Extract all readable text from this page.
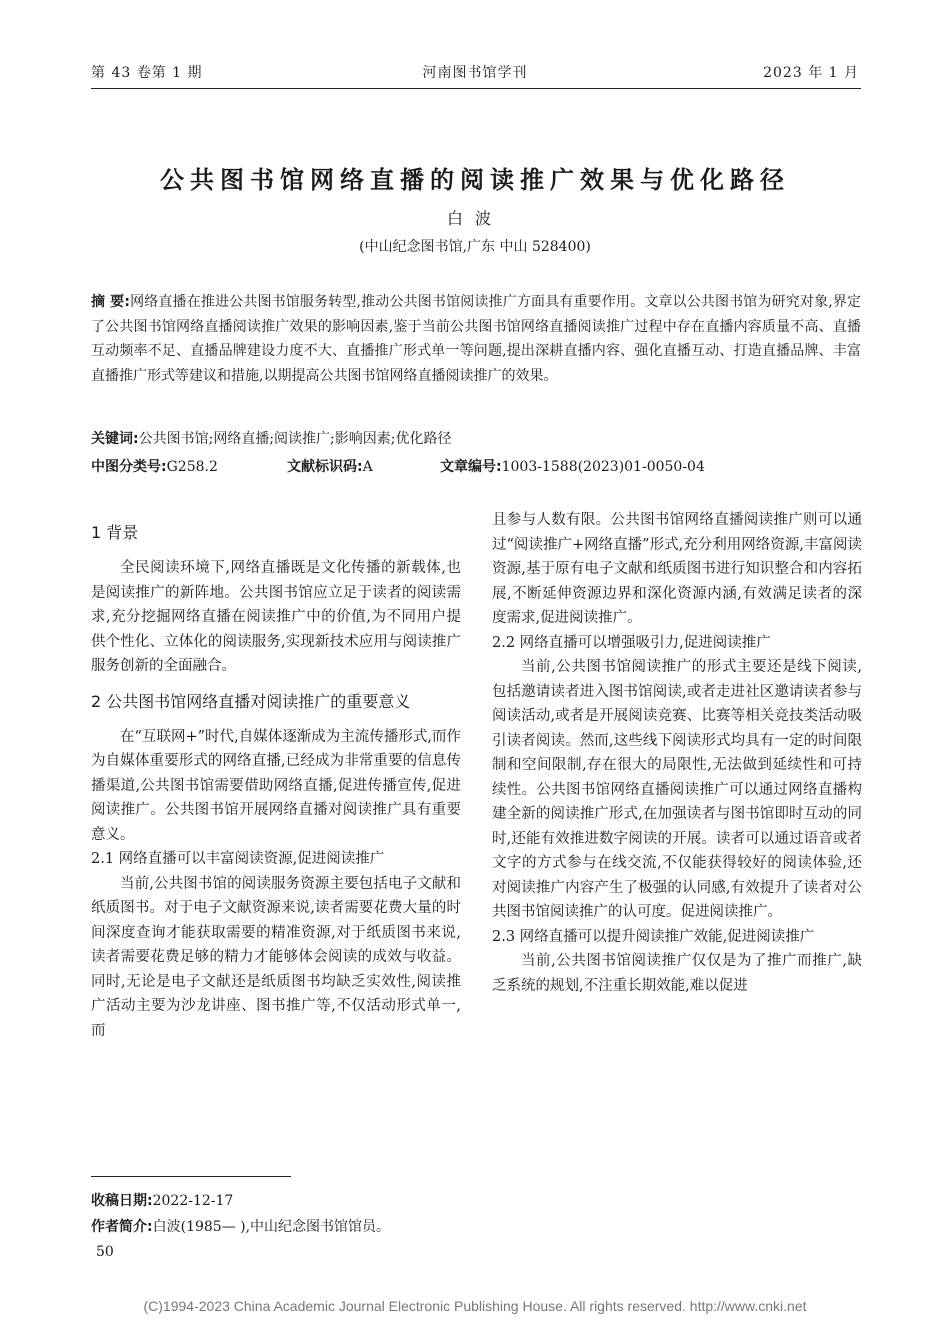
第 43 卷第 1 期	河南图书馆学刊	2023 年 1 月
公共图书馆网络直播的阅读推广效果与优化路径
白波
(中山纪念图书馆,广东 中山 528400)
摘 要:网络直播在推进公共图书馆服务转型,推动公共图书馆阅读推广方面具有重要作用。文章以公共图书馆为研究对象,界定了公共图书馆网络直播阅读推广效果的影响因素,鉴于当前公共图书馆网络直播阅读推广过程中存在直播内容质量不高、直播互动频率不足、直播品牌建设力度不大、直播推广形式单一等问题,提出深耕直播内容、强化直播互动、打造直播品牌、丰富直播推广形式等建议和措施,以期提高公共图书馆网络直播阅读推广的效果。
关键词:公共图书馆;网络直播;阅读推广;影响因素;优化路径
中图分类号:G258.2	文献标识码:A	文章编号:1003-1588(2023)01-0050-04
1 背景
全民阅读环境下,网络直播既是文化传播的新载体,也是阅读推广的新阵地。公共图书馆应立足于读者的阅读需求,充分挖掘网络直播在阅读推广中的价值,为不同用户提供个性化、立体化的阅读服务,实现新技术应用与阅读推广服务创新的全面融合。
2 公共图书馆网络直播对阅读推广的重要意义
在“互联网+”时代,自媒体逐渐成为主流传播形式,而作为自媒体重要形式的网络直播,已经成为非常重要的信息传播渠道,公共图书馆需要借助网络直播,促进传播宣传,促进阅读推广。公共图书馆开展网络直播对阅读推广具有重要意义。
2.1 网络直播可以丰富阅读资源,促进阅读推广
当前,公共图书馆的阅读服务资源主要包括电子文献和纸质图书。对于电子文献资源来说,读者需要花费大量的时间深度查询才能获取需要的精准资源,对于纸质图书来说,读者需要花费足够的精力才能够体会阅读的成效与收益。同时,无论是电子文献还是纸质图书均缺乏实效性,阅读推广活动主要为沙龙讲座、图书推广等,不仅活动形式单一,而
且参与人数有限。公共图书馆网络直播阅读推广则可以通过“阅读推广+网络直播”形式,充分利用网络资源,丰富阅读资源,基于原有电子文献和纸质图书进行知识整合和内容拓展,不断延伸资源边界和深化资源内涵,有效满足读者的深度需求,促进阅读推广。
2.2 网络直播可以增强吸引力,促进阅读推广
当前,公共图书馆阅读推广的形式主要还是线下阅读,包括邀请读者进入图书馆阅读,或者走进社区邀请读者参与阅读活动,或者是开展阅读竞赛、比赛等相关竞技类活动吸引读者阅读。然而,这些线下阅读形式均具有一定的时间限制和空间限制,存在很大的局限性,无法做到延续性和可持续性。公共图书馆网络直播阅读推广可以通过网络直播构建全新的阅读推广形式,在加强读者与图书馆即时互动的同时,还能有效推进数字阅读的开展。读者可以通过语音或者文字的方式参与在线交流,不仅能获得较好的阅读体验,还对阅读推广内容产生了极强的认同感,有效提升了读者对公共图书馆阅读推广的认可度。促进阅读推广。
2.3 网络直播可以提升阅读推广效能,促进阅读推广
当前,公共图书馆阅读推广仅仅是为了推广而推广,缺乏系统的规划,不注重长期效能,难以促进
收稿日期:2022-12-17
作者简介:白波(1985— ),中山纪念图书馆馆员。
50
(C)1994-2023 China Academic Journal Electronic Publishing House. All rights reserved. http://www.cnki.net
